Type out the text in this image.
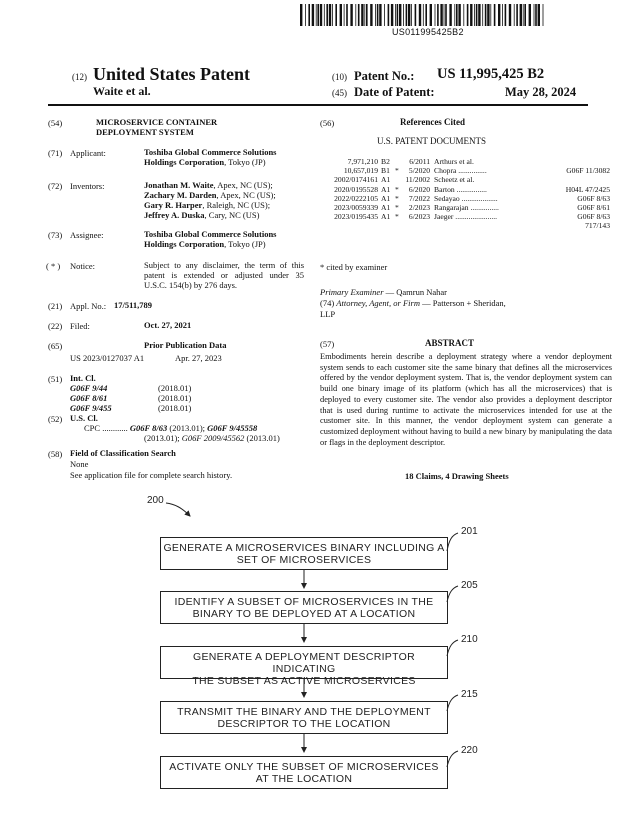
US011995425B2
(12) United States Patent
Waite et al.
(10) Patent No.: US 11,995,425 B2
(45) Date of Patent:	May 28, 2024
(54)	MICROSERVICE CONTAINER
DEPLOYMENT SYSTEM
(71) Applicant:	Toshiba Global Commerce Solutions
Holdings Corporation, Tokyo (JP)
(72) Inventors:	Jonathan M. Waite, Apex, NC (US);
Zachary M. Darden, Apex, NC (US);
Gary R. Harper, Raleigh, NC (US);
Jeffrey A. Duska, Cary, NC (US)
(73) Assignee:	Toshiba Global Commerce Solutions
Holdings Corporation, Tokyo (JP)
( * ) Notice:	Subject to any disclaimer, the term of this
patent is extended or adjusted under 35
U.S.C. 154(b) by 276 days.
(21) Appl. No.: 17/511,789
(22) Filed:	Oct. 27, 2021
(65)	Prior Publication Data
US 2023/0127037 A1	Apr. 27, 2023
(51) Int. Cl.
G06F 9/44	(2018.01)
G06F 8/61	(2018.01)
G06F 9/455	(2018.01)
(52) U.S. Cl.
CPC ............ G06F 8/63 (2013.01); G06F 9/45558
(2013.01); G06F 2009/45562 (2013.01)
(58) Field of Classification Search
None
See application file for complete search history.
(56)	References Cited
U.S. PATENT DOCUMENTS
7,971,210 B2	6/2011 Arthurs et al.
10,657,019 B1 *	5/2020 Chopra ...............	G06F 11/3082
2002/0174161 A1	11/2002 Scheetz et al.
2020/0195528 A1 *	6/2020 Barton ................	H04L 47/2425
2022/0222105 A1 *	7/2022 Sedayao ...................	G06F 8/63
2023/0059339 A1 *	2/2023 Rangarajan ...............	G06F 8/61
2023/0195435 A1 *	6/2023 Jaeger ......................	G06F 8/63
717/143
* cited by examiner
Primary Examiner — Qamrun Nahar
(74) Attorney, Agent, or Firm — Patterson + Sheridan,
LLP
(57)	ABSTRACT
Embodiments herein describe a deployment strategy where a vendor deployment system sends to each customer site the same binary that defines all the microservices offered by the vendor deployment system. That is, the vendor deployment system can build one binary image of its platform (which has all the microservices) that is deployed to every customer site. The vendor also provides a deployment descriptor that is used during runtime to activate the microservices intended for use at the customer site. In this manner, the vendor deployment system can generate a customized deployment without having to build a new binary by manipulating the data or flags in the deployment descriptor.
18 Claims, 4 Drawing Sheets
200
GENERATE A MICROSERVICES BINARY INCLUDING A
SET OF MICROSERVICES
201
IDENTIFY A SUBSET OF MICROSERVICES IN THE
BINARY TO BE DEPLOYED AT A LOCATION
205
GENERATE A DEPLOYMENT DESCRIPTOR INDICATING
THE SUBSET AS ACTIVE MICROSERVICES
210
TRANSMIT THE BINARY AND THE DEPLOYMENT
DESCRIPTOR TO THE LOCATION
215
ACTIVATE ONLY THE SUBSET OF MICROSERVICES
AT THE LOCATION
220
